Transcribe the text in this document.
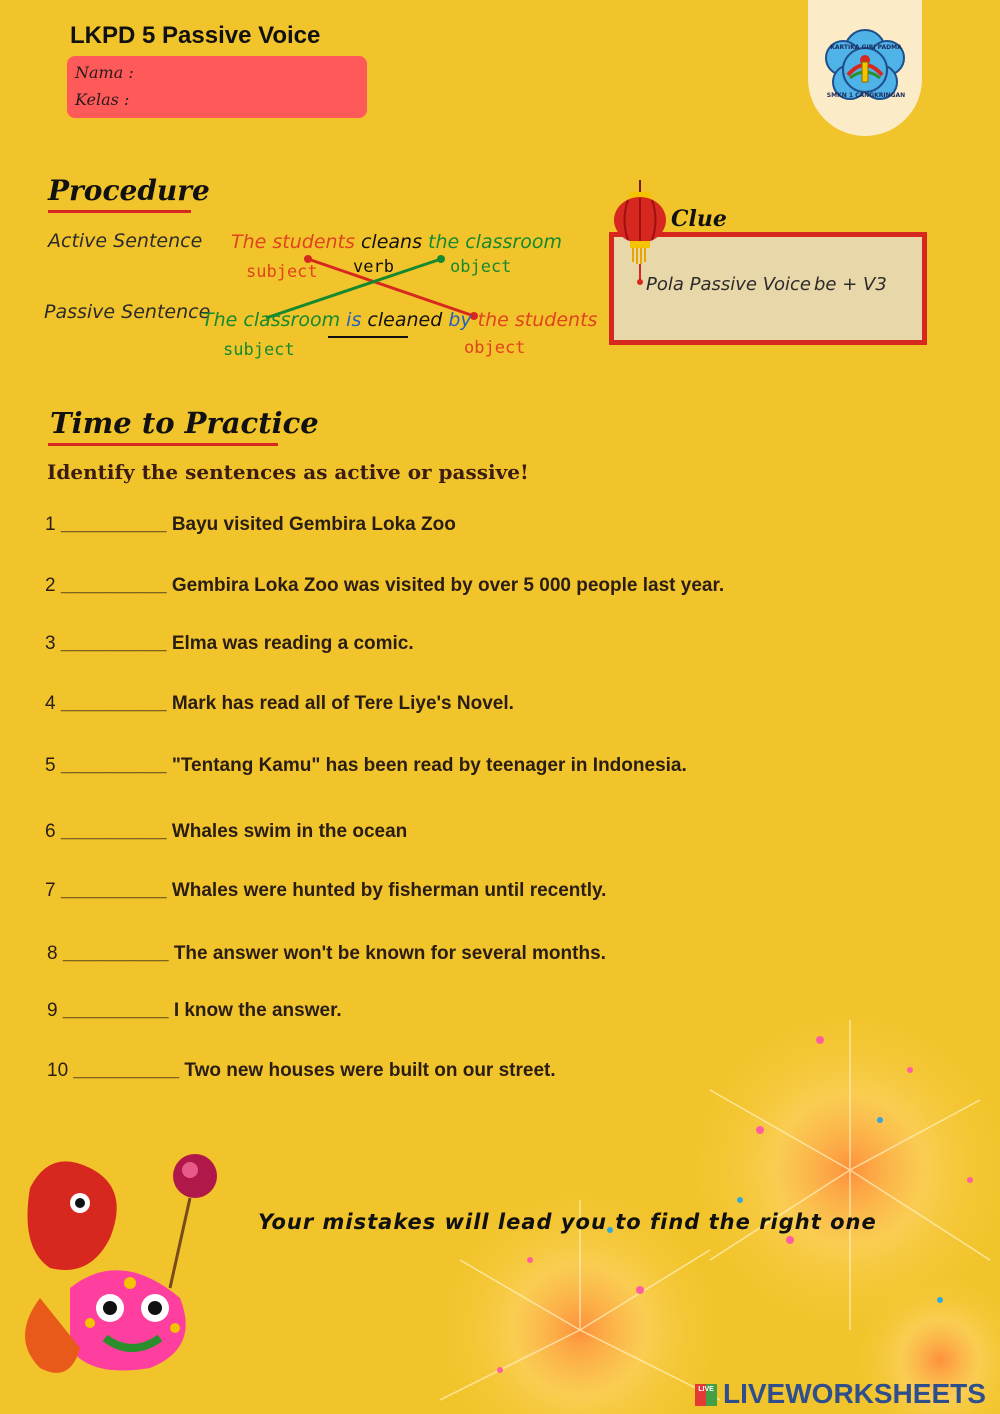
LKPD 5 Passive Voice
Nama :
Kelas :
KARTIKA GIRI PADMA
SMKN 1 CANGKRINGAN
Procedure
Active Sentence
Passive Sentence
The students cleans the classroom
subject verb	object
The classroom is cleaned by the students
subject	object
Pola Passive Voice be + V3
Clue
Time to Practice
Identify the sentences as active or passive!
1 __________ Bayu visited Gembira Loka Zoo
2 __________ Gembira Loka Zoo was visited by over 5 000 people last year.
3 __________ Elma was reading a comic.
4 __________ Mark has read all of Tere Liye's Novel.
5 __________ "Tentang Kamu" has been read by teenager in Indonesia.
6 __________ Whales swim in the ocean
7 __________ Whales were hunted by fisherman until recently.
8 __________ The answer won't be known for several months.
9 __________ I know the answer.
10 __________ Two new houses were built on our street.
Your mistakes will lead you to find the right one
LIVE LIVEWORKSHEETS
